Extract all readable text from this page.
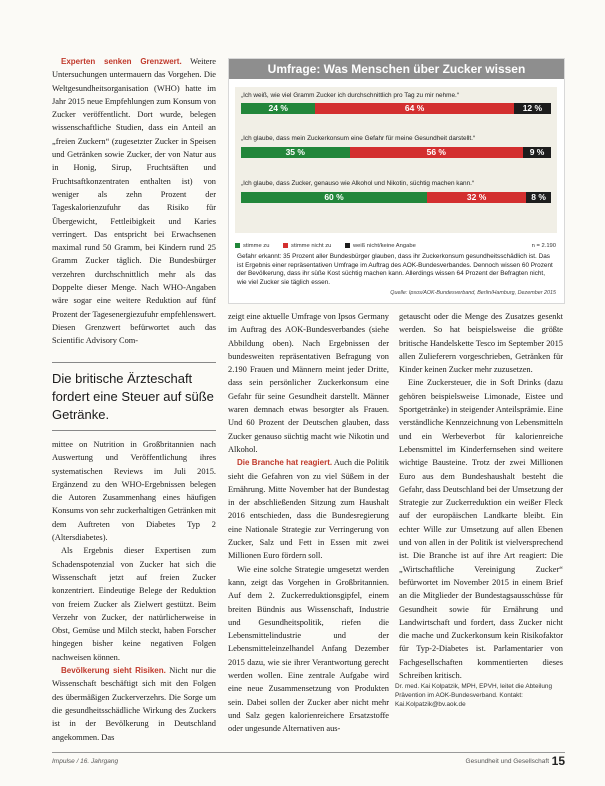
Experten senken Grenzwert. Weitere Untersuchungen untermauern das Vorgehen. Die Weltgesundheitsorganisation (WHO) hatte im Jahr 2015 neue Empfehlungen zum Konsum von Zucker veröffentlicht. Dort wurde, belegen wissenschaftliche Studien, dass ein Anteil an „freien Zuckern“ (zugesetzter Zucker in Speisen und Getränken sowie Zucker, der von Natur aus in Honig, Sirup, Fruchtsäften und Fruchtsaftkonzentraten enthalten ist) von weniger als zehn Prozent der Tageskalorienzufuhr das Risiko für Übergewicht, Fettleibigkeit und Karies verringert. Das entspricht bei Erwachsenen maximal rund 50 Gramm, bei Kindern rund 25 Gramm Zucker täglich. Die Bundesbürger verzehren durchschnittlich mehr als das Doppelte dieser Menge. Nach WHO-Angaben wäre sogar eine weitere Reduktion auf fünf Prozent der Tagesenergiezufuhr empfehlenswert. Diesen Grenzwert befürwortet auch das Scientific Advisory Com-

Die britische Ärzteschaft fordert eine Steuer auf süße Getränke.

mittee on Nutrition in Großbritannien nach Auswertung und Veröffentlichung ihres systematischen Reviews im Juli 2015. Ergänzend zu den WHO-Ergebnissen belegen die Autoren Zusammenhang eines häufigen Konsums von sehr zuckerhaltigen Getränken mit dem Auftreten von Diabetes Typ 2 (Altersdiabetes).

Als Ergebnis dieser Expertisen zum Schadenspotenzial von Zucker hat sich die Wissenschaft jetzt auf freien Zucker konzentriert. Eindeutige Belege der Reduktion von freiem Zucker als Zielwert gestützt. Beim Verzehr von Zucker, der natürlicherweise in Obst, Gemüse und Milch steckt, haben Forscher hingegen bisher keine negativen Folgen nachweisen können.

Bevölkerung sieht Risiken. Nicht nur die Wissenschaft beschäftigt sich mit den Folgen des übermäßigen Zuckerverzehrs. Die Sorge um die gesundheitsschädliche Wirkung des Zuckers ist in der Bevölkerung in Deutschland angekommen. Das

zeigt eine aktuelle Umfrage von Ipsos Germany im Auftrag des AOK-Bundesverbandes (siehe Abbildung oben). Nach Ergebnissen der bundesweiten repräsentativen Befragung von 2.190 Frauen und Männern meint jeder Dritte, dass sein persönlicher Zuckerkonsum eine Gefahr für seine Gesundheit darstellt. Männer waren demnach etwas besorgter als Frauen. Und 60 Prozent der Deutschen glauben, dass Zucker genauso süchtig macht wie Nikotin und Alkohol.

Die Branche hat reagiert. Auch die Politik sieht die Gefahren von zu viel Süßem in der Ernährung. Mitte November hat der Bundestag in der abschließenden Sitzung zum Haushalt 2016 entschieden, dass die Bundesregierung eine Nationale Strategie zur Verringerung von Zucker, Salz und Fett in Essen mit zwei Millionen Euro fördern soll.

Wie eine solche Strategie umgesetzt werden kann, zeigt das Vorgehen in Großbritannien. Auf dem 2. Zuckerreduktionsgipfel, einem breiten Bündnis aus Wissenschaft, Industrie und Gesundheitspolitik, riefen die Lebensmittelindustrie und der Lebensmitteleinzelhandel Anfang Dezember 2015 dazu, wie sie ihrer Verantwortung gerecht werden wollen. Eine zentrale Aufgabe wird eine neue Zusammensetzung von Produkten sein. Dabei sollen der Zucker aber nicht mehr und Salz gegen kalorienreichere Ersatzstoffe oder ungesunde Alternativen aus-

getauscht oder die Menge des Zusatzes gesenkt werden. So hat beispielsweise die größte britische Handelskette Tesco im September 2015 allen Zulieferern vorgeschrieben, Getränken für Kinder keinen Zucker mehr zuzusetzen.

Eine Zuckersteuer, die in Soft Drinks (dazu gehören beispielsweise Limonade, Eistee und Sportgetränke) in steigender Anteilsprämie. Eine verständliche Kennzeichnung von Lebensmitteln und ein Werbeverbot für kalorienreiche Lebensmittel im Kinderfernsehen sind weitere wichtige Bausteine. Trotz der zwei Millionen Euro aus dem Bundeshaushalt besteht die Gefahr, dass Deutschland bei der Umsetzung der Strategie zur Zuckerreduktion ein weißer Fleck auf der europäischen Landkarte bleibt. Ein echter Wille zur Umsetzung auf allen Ebenen und von allen in der Politik ist vielversprechend ist. Die Branche ist auf ihre Art reagiert: Die „Wirtschaftliche Vereinigung Zucker“ befürwortet im November 2015 in einem Brief an die Mitglieder der Bundestagsausschüsse für Gesundheit sowie für Ernährung und Landwirtschaft und fordert, dass Zucker nicht die mache und Zuckerkonsum kein Risikofaktor für Typ-2-Diabetes ist. Parlamentarier von Fachgesellschaften kommentierten dieses Schreiben kritisch.

Umfrage: Was Menschen über Zucker wissen
„Ich weiß, wie viel Gramm Zucker ich durchschnittlich pro Tag zu mir nehme.“
24 %	64 %	12 %
„Ich glaube, dass mein Zuckerkonsum eine Gefahr für meine Gesundheit darstellt.“
35 %	56 %	9 %
„Ich glaube, dass Zucker, genauso wie Alkohol und Nikotin, süchtig machen kann.“
60 %	32 %	8 %
stimme zu	stimme nicht zu	weiß nicht/keine Angabe	n = 2.190
Gefahr erkannt: 35 Prozent aller Bundesbürger glauben, dass ihr Zuckerkonsum gesundheitsschädlich ist. Das ist Ergebnis einer repräsentativen Umfrage im Auftrag des AOK-Bundesverbandes. Dennoch wissen 60 Prozent der Bevölkerung, dass ihr süße Kost süchtig machen kann. Allerdings wissen 64 Prozent der Befragten nicht, wie viel Zucker sie täglich essen.
Quelle: Ipsos/AOK-Bundesverband, Berlin/Hamburg, Dezember 2015
Dr. med. Kai Kolpatzik, MPH, EPVH, leitet die Abteilung Prävention im AOK-Bundesverband. Kontakt: Kai.Kolpatzik@bv.aok.de
Impulse / 16. Jahrgang	Gesundheit und Gesellschaft 15
